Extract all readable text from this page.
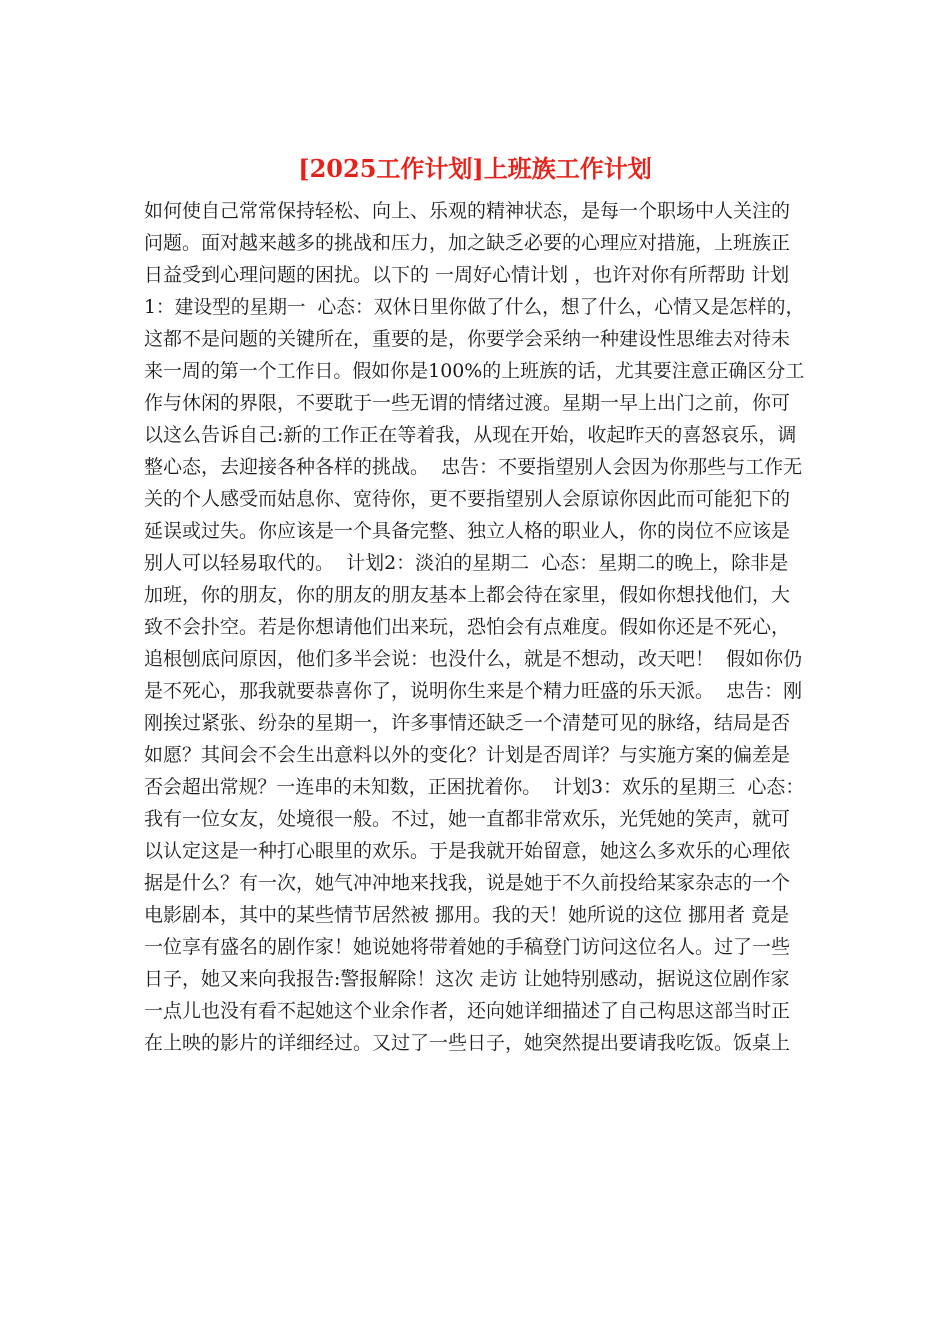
[2025工作计划]上班族工作计划
如何使自己常常保持轻松、向上、乐观的精神状态，是每一个职场中人关注的
问题。面对越来越多的挑战和压力，加之缺乏必要的心理应对措施，上班族正
日益受到心理问题的困扰。以下的 一周好心情计划 ，也许对你有所帮助 计划
1：建设型的星期一  心态：双休日里你做了什么，想了什么，心情又是怎样的，
这都不是问题的关键所在，重要的是，你要学会采纳一种建设性思维去对待未
来一周的第一个工作日。假如你是100%的上班族的话，尤其要注意正确区分工
作与休闲的界限，不要耽于一些无谓的情绪过渡。星期一早上出门之前，你可
以这么告诉自己:新的工作正在等着我，从现在开始，收起昨天的喜怒哀乐，调
整心态，去迎接各种各样的挑战。  忠告：不要指望别人会因为你那些与工作无
关的个人感受而姑息你、宽待你，更不要指望别人会原谅你因此而可能犯下的
延误或过失。你应该是一个具备完整、独立人格的职业人，你的岗位不应该是
别人可以轻易取代的。  计划2：淡泊的星期二  心态：星期二的晚上，除非是
加班，你的朋友，你的朋友的朋友基本上都会待在家里，假如你想找他们，大
致不会扑空。若是你想请他们出来玩，恐怕会有点难度。假如你还是不死心，
追根刨底问原因，他们多半会说：也没什么，就是不想动，改天吧！  假如你仍
是不死心，那我就要恭喜你了，说明你生来是个精力旺盛的乐天派。  忠告：刚
刚挨过紧张、纷杂的星期一，许多事情还缺乏一个清楚可见的脉络，结局是否
如愿？其间会不会生出意料以外的变化？计划是否周详？与实施方案的偏差是
否会超出常规？一连串的未知数，正困扰着你。  计划3：欢乐的星期三  心态：
我有一位女友，处境很一般。不过，她一直都非常欢乐，光凭她的笑声，就可
以认定这是一种打心眼里的欢乐。于是我就开始留意，她这么多欢乐的心理依
据是什么？有一次，她气冲冲地来找我，说是她于不久前投给某家杂志的一个
电影剧本，其中的某些情节居然被 挪用。我的天！她所说的这位 挪用者 竟是
一位享有盛名的剧作家！她说她将带着她的手稿登门访问这位名人。过了一些
日子，她又来向我报告:警报解除！这次 走访 让她特别感动，据说这位剧作家
一点儿也没有看不起她这个业余作者，还向她详细描述了自己构思这部当时正
在上映的影片的详细经过。又过了一些日子，她突然提出要请我吃饭。饭桌上
